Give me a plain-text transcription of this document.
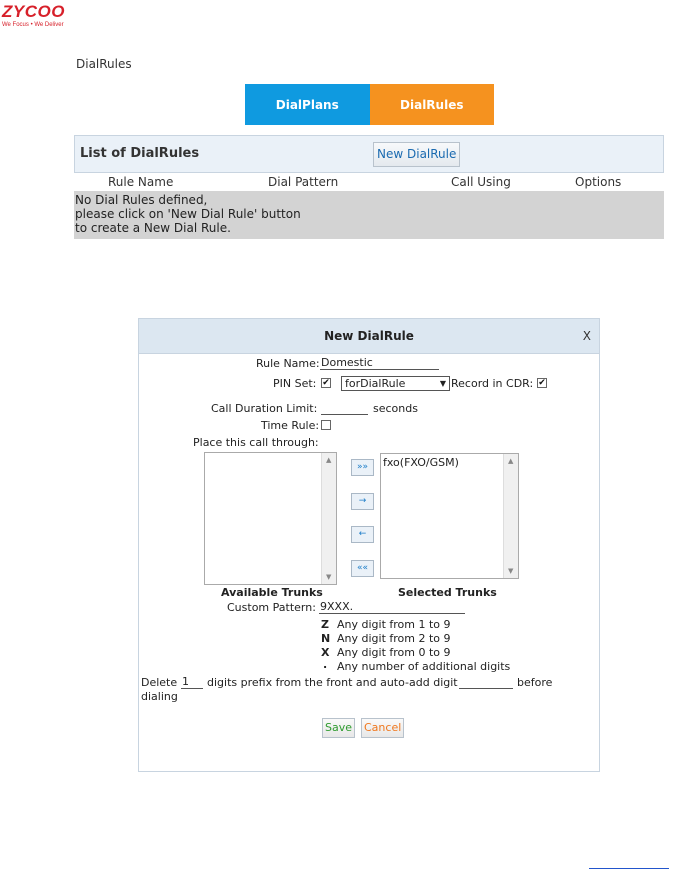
ZYCOO
We Focus • We Deliver
DialRules
DialPlans	DialRules
List of DialRules	New DialRule
Rule Name	Dial Pattern	Call Using	Options
No Dial Rules defined,
please click on 'New Dial Rule' button
to create a New Dial Rule.
New DialRule	X
Rule Name:
Domestic
PIN Set: ✔	forDialRule	▼ Record in CDR: ✔
Call Duration Limit:	seconds
Time Rule:
Place this call through:
▲
▼
»»
→
←
««
fxo(FXO/GSM)	▲
▼
Available Trunks	Selected Trunks
Custom Pattern:
9XXX.
Z Any digit from 1 to 9
N Any digit from 2 to 9
X Any digit from 0 to 9
. Any number of additional digits
Delete
1	digits prefix from the front and auto-add digit	before
dialing
Save Cancel
